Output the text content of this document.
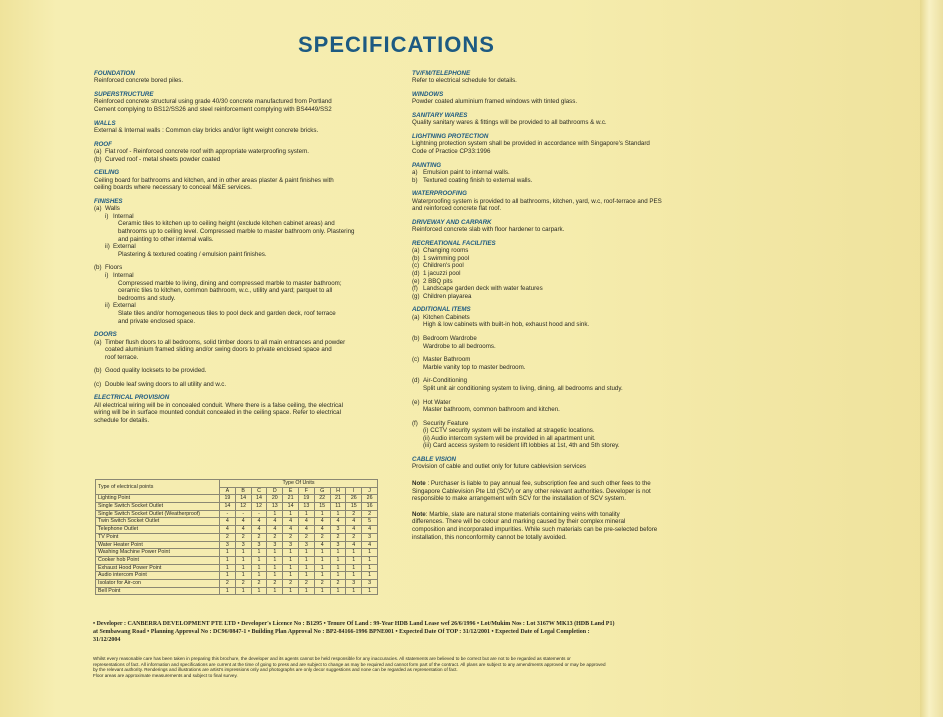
SPECIFICATIONS
FOUNDATION
Reinforced concrete bored piles.
SUPERSTRUCTURE
Reinforced concrete structural using grade 40/30 concrete manufactured from Portland
Cement complying to BS12/SS26 and steel reinforcement complying with BS4449/SS2
WALLS
External & Internal walls : Common clay bricks and/or light weight concrete bricks.
ROOF
(a) Flat roof - Reinforced concrete roof with appropriate waterproofing system.
(b) Curved roof - metal sheets powder coated
CEILING
Ceiling board for bathrooms and kitchen, and in other areas plaster & paint finishes with
ceiling boards where necessary to conceal M&E services.
FINISHES
(a) Walls
i) Internal
Ceramic tiles to kitchen up to ceiling height (exclude kitchen cabinet areas) and
bathrooms up to ceiling level. Compressed marble to master bathroom only. Plastering
and painting to other internal walls.
ii) External
Plastering & textured coating / emulsion paint finishes.
(b) Floors
i) Internal
Compressed marble to living, dining and compressed marble to master bathroom;
ceramic tiles to kitchen, common bathroom, w.c., utility and yard; parquet to all
bedrooms and study.
ii) External
Slate tiles and/or homogeneous tiles to pool deck and garden deck, roof terrace
and private enclosed space.
DOORS
(a) Timber flush doors to all bedrooms, solid timber doors to all main entrances and powder
coated aluminium framed sliding and/or swing doors to private enclosed space and
roof terrace.
(b) Good quality locksets to be provided.
(c) Double leaf swing doors to all utility and w.c.
ELECTRICAL PROVISION
All electrical wiring will be in concealed conduit. Where there is a false ceiling, the electrical
wiring will be in surface mounted conduit concealed in the ceiling space. Refer to electrical
schedule for details.
Type of electrical points	Type Of Units									
	A	B	C	D	E	F	G	H	I	J
Lighting Point	19	14	14	20	21	19	22	21	26	26
Single Switch Socket Outlet	14	12	12	13	14	13	15	11	15	16
Single Switch Socket Outlet (Weatherproof)	-	-	-	1	1	1	1	1	2	2
Twin Switch Socket Outlet	4	4	4	4	4	4	4	4	4	5
Telephone Outlet	4	4	4	4	4	4	4	3	4	4
TV Point	2	2	2	2	2	2	2	2	2	3
Water Heater Point	3	3	3	3	3	3	4	3	4	4
Washing Machine Power Point	1	1	1	1	1	1	1	1	1	1
Cooker hob Point	1	1	1	1	1	1	1	1	1	1
Exhaust Hood Power Point	1	1	1	1	1	1	1	1	1	1
Audio intercom Point	1	1	1	1	1	1	1	1	1	1
Isolator for Air-con	2	2	2	2	2	2	2	2	3	3
Bell Point	1	1	1	1	1	1	1	1	1	1
TV/FM/TELEPHONE
Refer to electrical schedule for details.
WINDOWS
Powder coated aluminium framed windows with tinted glass.
SANITARY WARES
Quality sanitary wares & fittings will be provided to all bathrooms & w.c.
LIGHTNING PROTECTION
Lightning protection system shall be provided in accordance with Singapore's Standard
Code of Practice CP33:1996
PAINTING
a) Emulsion paint to internal walls.
b) Textured coating finish to external walls.
WATERPROOFING
Waterproofing system is provided to all bathrooms, kitchen, yard, w.c, roof-terrace and PES
and reinforced concrete flat roof.
DRIVEWAY AND CARPARK
Reinforced concrete slab with floor hardener to carpark.
RECREATIONAL FACILITIES
(a) Changing rooms
(b) 1 swimming pool
(c) Children's pool
(d) 1 jacuzzi pool
(e) 2 BBQ pits
(f) Landscape garden deck with water features
(g) Children playarea
ADDITIONAL ITEMS
(a) Kitchen Cabinets
High & low cabinets with built-in hob, exhaust hood and sink.
(b) Bedroom Wardrobe
Wardrobe to all bedrooms.
(c) Master Bathroom
Marble vanity top to master bedroom.
(d) Air-Conditioning
Split unit air conditioning system to living, dining, all bedrooms and study.
(e) Hot Water
Master bathroom, common bathroom and kitchen.
(f) Security Feature
(i) CCTV security system will be installed at stragetic locations.
(ii) Audio intercom system will be provided in all apartment unit.
(iii) Card access system to resident lift lobbies at 1st, 4th and 5th storey.
CABLE VISION
Provision of cable and outlet only for future cablevision services
Note : Purchaser is liable to pay annual fee, subscription fee and such other fees to the
Singapore Cablevision Pte Ltd (SCV) or any other relevant authorities. Developer is not
responsible to make arrangement with SCV for the installation of SCV system.
Note: Marble, slate are natural stone materials containing veins with tonality
differences. There will be colour and marking caused by their complex mineral
composition and incorporated impurities. While such materials can be pre-selected before
installation, this nonconformity cannot be totally avoided.
• Developer : CANBERRA DEVELOPMENT PTE LTD • Developer's Licence No : B1295 • Tenure Of Land : 99-Year HDB Land Lease wef 26/6/1996 • Lot/Mukim Nos : Lot 3167W MK13 (HDB Land P1)
at Sembawang Road • Planning Approval No : DC96/0847-1 • Building Plan Approval No : BP2-84166-1996 BPNE001 • Expected Date Of TOP : 31/12/2001 • Expected Date of Legal Completion :
31/12/2004
Whilst every reasonable care has been taken in preparing this brochure, the developer and its agents cannot be held responsible for any inaccuracies. All statements are believed to be correct but are not to be regarded as statements or
representations of fact. All information and specifications are current at the time of going to press and are subject to change as may be required and cannot form part of the contract. All plans are subject to any amendments approved or may be approved
by the relevant authority. Renderings and illustrations are artist's impressions only and photographs are only decor suggestions and none can be regarded as representation of fact.
Floor areas are approximate measurements and subject to final survey.
